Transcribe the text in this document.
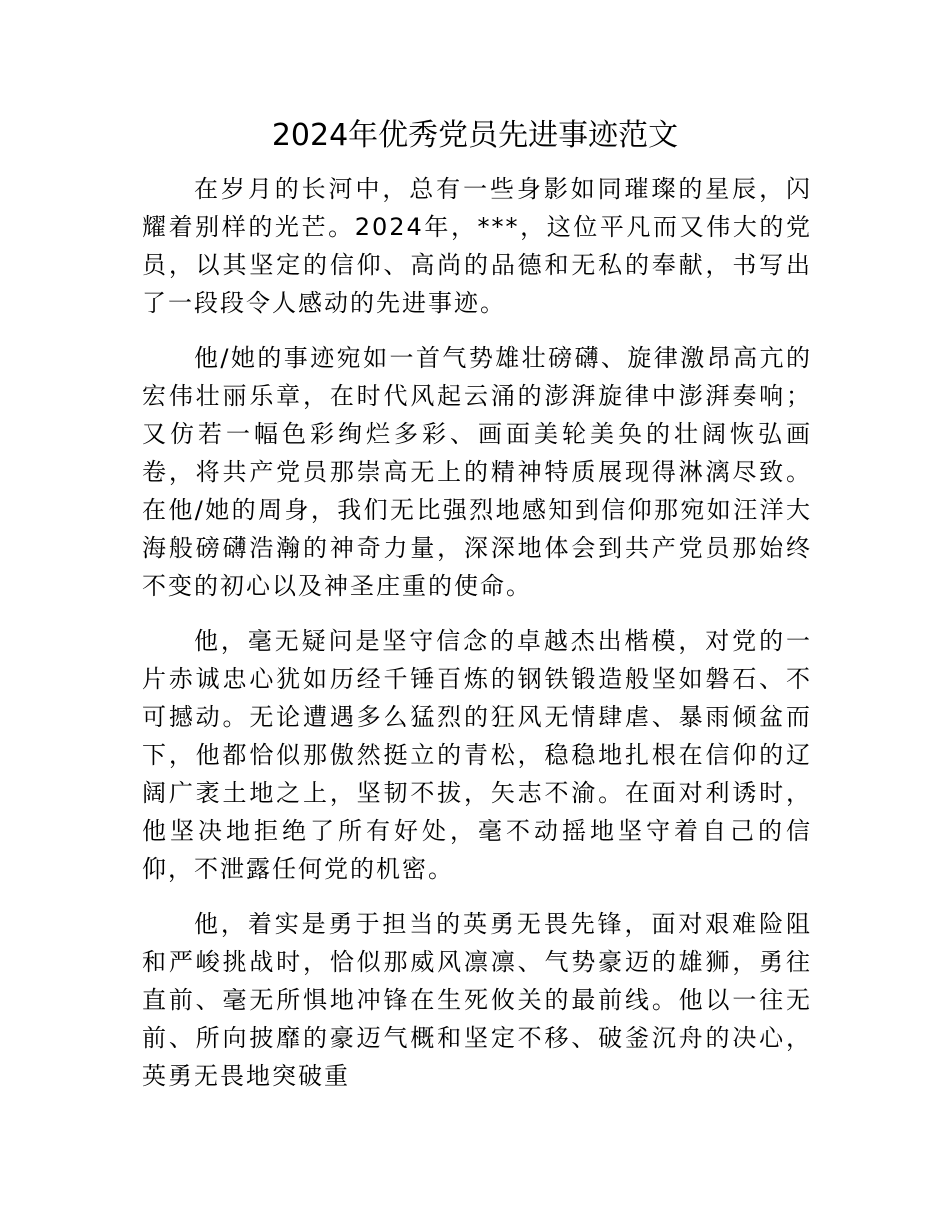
2024年优秀党员先进事迹范文

在岁月的长河中，总有一些身影如同璀璨的星辰，闪耀着别样的光芒。2024年，***，这位平凡而又伟大的党员，以其坚定的信仰、高尚的品德和无私的奉献，书写出了一段段令人感动的先进事迹。

他/她的事迹宛如一首气势雄壮磅礴、旋律激昂高亢的宏伟壮丽乐章，在时代风起云涌的澎湃旋律中澎湃奏响；又仿若一幅色彩绚烂多彩、画面美轮美奂的壮阔恢弘画卷，将共产党员那崇高无上的精神特质展现得淋漓尽致。在他/她的周身，我们无比强烈地感知到信仰那宛如汪洋大海般磅礴浩瀚的神奇力量，深深地体会到共产党员那始终不变的初心以及神圣庄重的使命。

他，毫无疑问是坚守信念的卓越杰出楷模，对党的一片赤诚忠心犹如历经千锤百炼的钢铁锻造般坚如磐石、不可撼动。无论遭遇多么猛烈的狂风无情肆虐、暴雨倾盆而下，他都恰似那傲然挺立的青松，稳稳地扎根在信仰的辽阔广袤土地之上，坚韧不拔，矢志不渝。在面对利诱时，他坚决地拒绝了所有好处，毫不动摇地坚守着自己的信仰，不泄露任何党的机密。

他，着实是勇于担当的英勇无畏先锋，面对艰难险阻和严峻挑战时，恰似那威风凛凛、气势豪迈的雄狮，勇往直前、毫无所惧地冲锋在生死攸关的最前线。他以一往无前、所向披靡的豪迈气概和坚定不移、破釜沉舟的决心，英勇无畏地突破重
